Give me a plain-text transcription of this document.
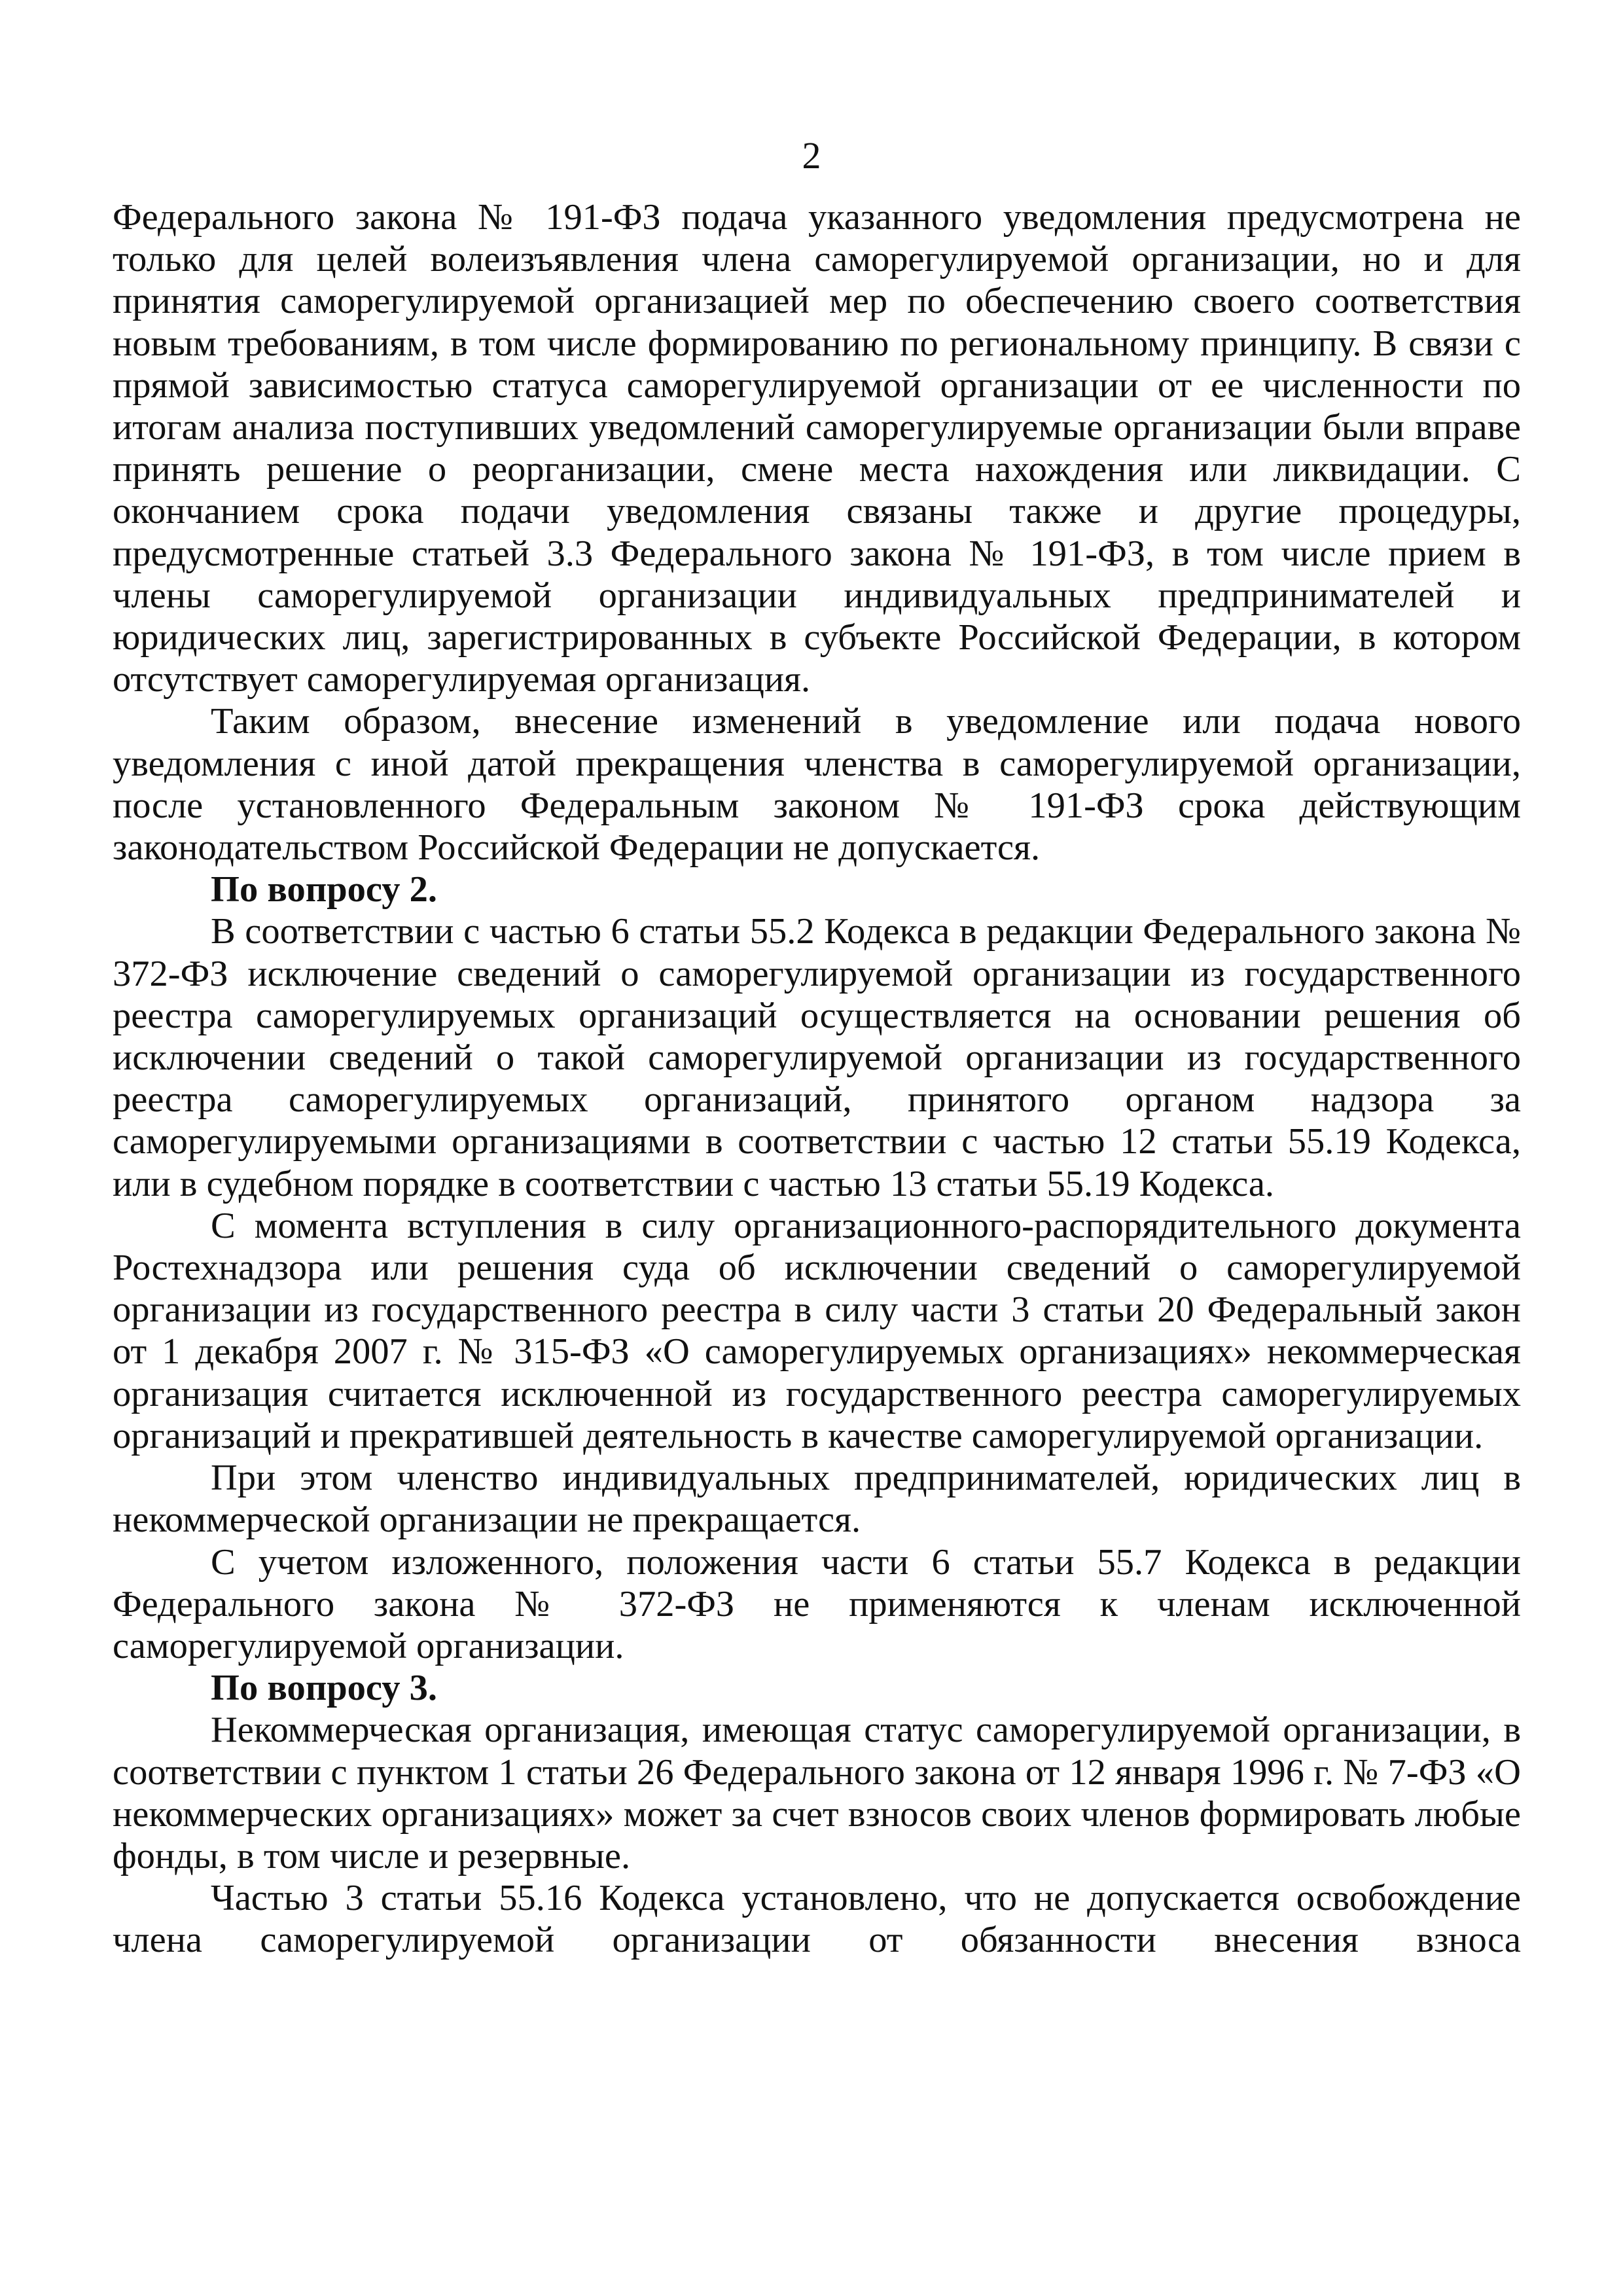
2

Федерального закона № 191-ФЗ подача указанного уведомления предусмотрена не только для целей волеизъявления члена саморегулируемой организации, но и для принятия саморегулируемой организацией мер по обеспечению своего соответствия новым требованиям, в том числе формированию по региональному принципу. В связи с прямой зависимостью статуса саморегулируемой организации от ее численности по итогам анализа поступивших уведомлений саморегулируемые организации были вправе принять решение о реорганизации, смене места нахождения или ликвидации. С окончанием срока подачи уведомления связаны также и другие процедуры, предусмотренные статьей 3.3 Федерального закона № 191-ФЗ, в том числе прием в члены саморегулируемой организации индивидуальных предпринимателей и юридических лиц, зарегистрированных в субъекте Российской Федерации, в котором отсутствует саморегулируемая организация.

Таким образом, внесение изменений в уведомление или подача нового уведомления с иной датой прекращения членства в саморегулируемой организации, после установленного Федеральным законом № 191-ФЗ срока действующим законодательством Российской Федерации не допускается.

По вопросу 2.

В соответствии с частью 6 статьи 55.2 Кодекса в редакции Федерального закона № 372-ФЗ исключение сведений о саморегулируемой организации из государственного реестра саморегулируемых организаций осуществляется на основании решения об исключении сведений о такой саморегулируемой организации из государственного реестра саморегулируемых организаций, принятого органом надзора за саморегулируемыми организациями в соответствии с частью 12 статьи 55.19 Кодекса, или в судебном порядке в соответствии с частью 13 статьи 55.19 Кодекса.

С момента вступления в силу организационного-распорядительного документа Ростехнадзора или решения суда об исключении сведений о саморегулируемой организации из государственного реестра в силу части 3 статьи 20 Федеральный закон от 1 декабря 2007 г. № 315-ФЗ «О саморегулируемых организациях» некоммерческая организация считается исключенной из государственного реестра саморегулируемых организаций и прекратившей деятельность в качестве саморегулируемой организации.

При этом членство индивидуальных предпринимателей, юридических лиц в некоммерческой организации не прекращается.

С учетом изложенного, положения части 6 статьи 55.7 Кодекса в редакции Федерального закона № 372-ФЗ не применяются к членам исключенной саморегулируемой организации.

По вопросу 3.

Некоммерческая организация, имеющая статус саморегулируемой организации, в соответствии с пунктом 1 статьи 26 Федерального закона от 12 января 1996 г. № 7-ФЗ «О некоммерческих организациях» может за счет взносов своих членов формировать любые фонды, в том числе и резервные.

Частью 3 статьи 55.16 Кодекса установлено, что не допускается освобождение члена саморегулируемой организации от обязанности внесения взноса
